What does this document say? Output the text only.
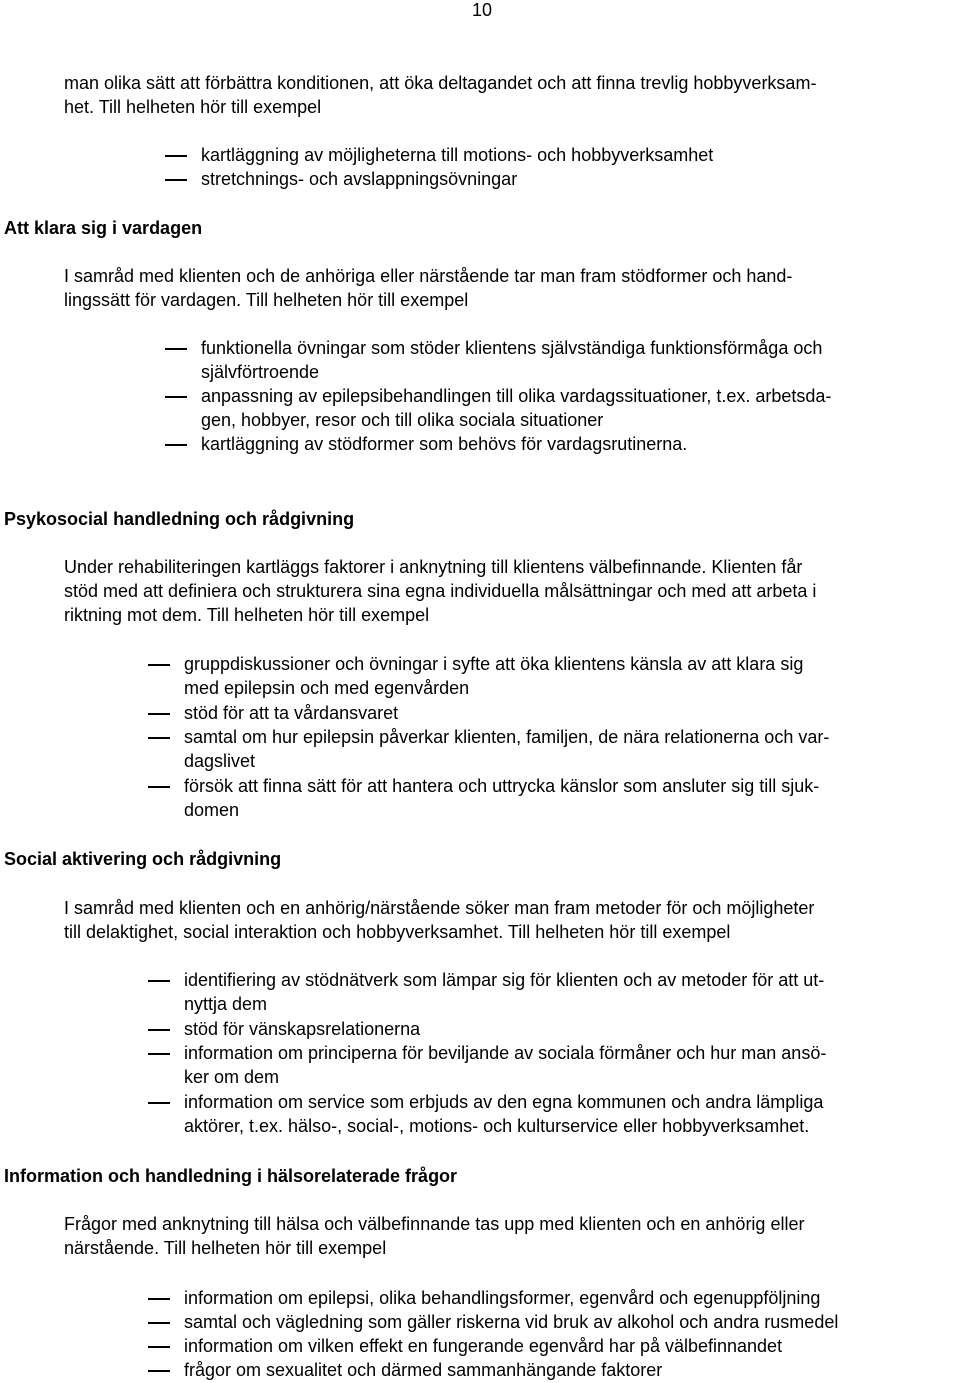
10
man olika sätt att förbättra konditionen, att öka deltagandet och att finna trevlig hobbyverksam-
het. Till helheten hör till exempel
kartläggning av möjligheterna till motions- och hobbyverksamhet
stretchnings- och avslappningsövningar
Att klara sig i vardagen
I samråd med klienten och de anhöriga eller närstående tar man fram stödformer och hand-
lingssätt för vardagen. Till helheten hör till exempel
funktionella övningar som stöder klientens självständiga funktionsförmåga och
självförtroende
anpassning av epilepsibehandlingen till olika vardagssituationer, t.ex. arbetsda-
gen, hobbyer, resor och till olika sociala situationer
kartläggning av stödformer som behövs för vardagsrutinerna.
Psykosocial handledning och rådgivning
Under rehabiliteringen kartläggs faktorer i anknytning till klientens välbefinnande. Klienten får
stöd med att definiera och strukturera sina egna individuella målsättningar och med att arbeta i
riktning mot dem. Till helheten hör till exempel
gruppdiskussioner och övningar i syfte att öka klientens känsla av att klara sig
med epilepsin och med egenvården
stöd för att ta vårdansvaret
samtal om hur epilepsin påverkar klienten, familjen, de nära relationerna och var-
dagslivet
försök att finna sätt för att hantera och uttrycka känslor som ansluter sig till sjuk-
domen
Social aktivering och rådgivning
I samråd med klienten och en anhörig/närstående söker man fram metoder för och möjligheter
till delaktighet, social interaktion och hobbyverksamhet. Till helheten hör till exempel
identifiering av stödnätverk som lämpar sig för klienten och av metoder för att ut-
nyttja dem
stöd för vänskapsrelationerna
information om principerna för beviljande av sociala förmåner och hur man ansö-
ker om dem
information om service som erbjuds av den egna kommunen och andra lämpliga
aktörer, t.ex. hälso-, social-, motions- och kulturservice eller hobbyverksamhet.
Information och handledning i hälsorelaterade frågor
Frågor med anknytning till hälsa och välbefinnande tas upp med klienten och en anhörig eller
närstående. Till helheten hör till exempel
information om epilepsi, olika behandlingsformer, egenvård och egenuppföljning
samtal och vägledning som gäller riskerna vid bruk av alkohol och andra rusmedel
information om vilken effekt en fungerande egenvård har på välbefinnandet
frågor om sexualitet och därmed sammanhängande faktorer
